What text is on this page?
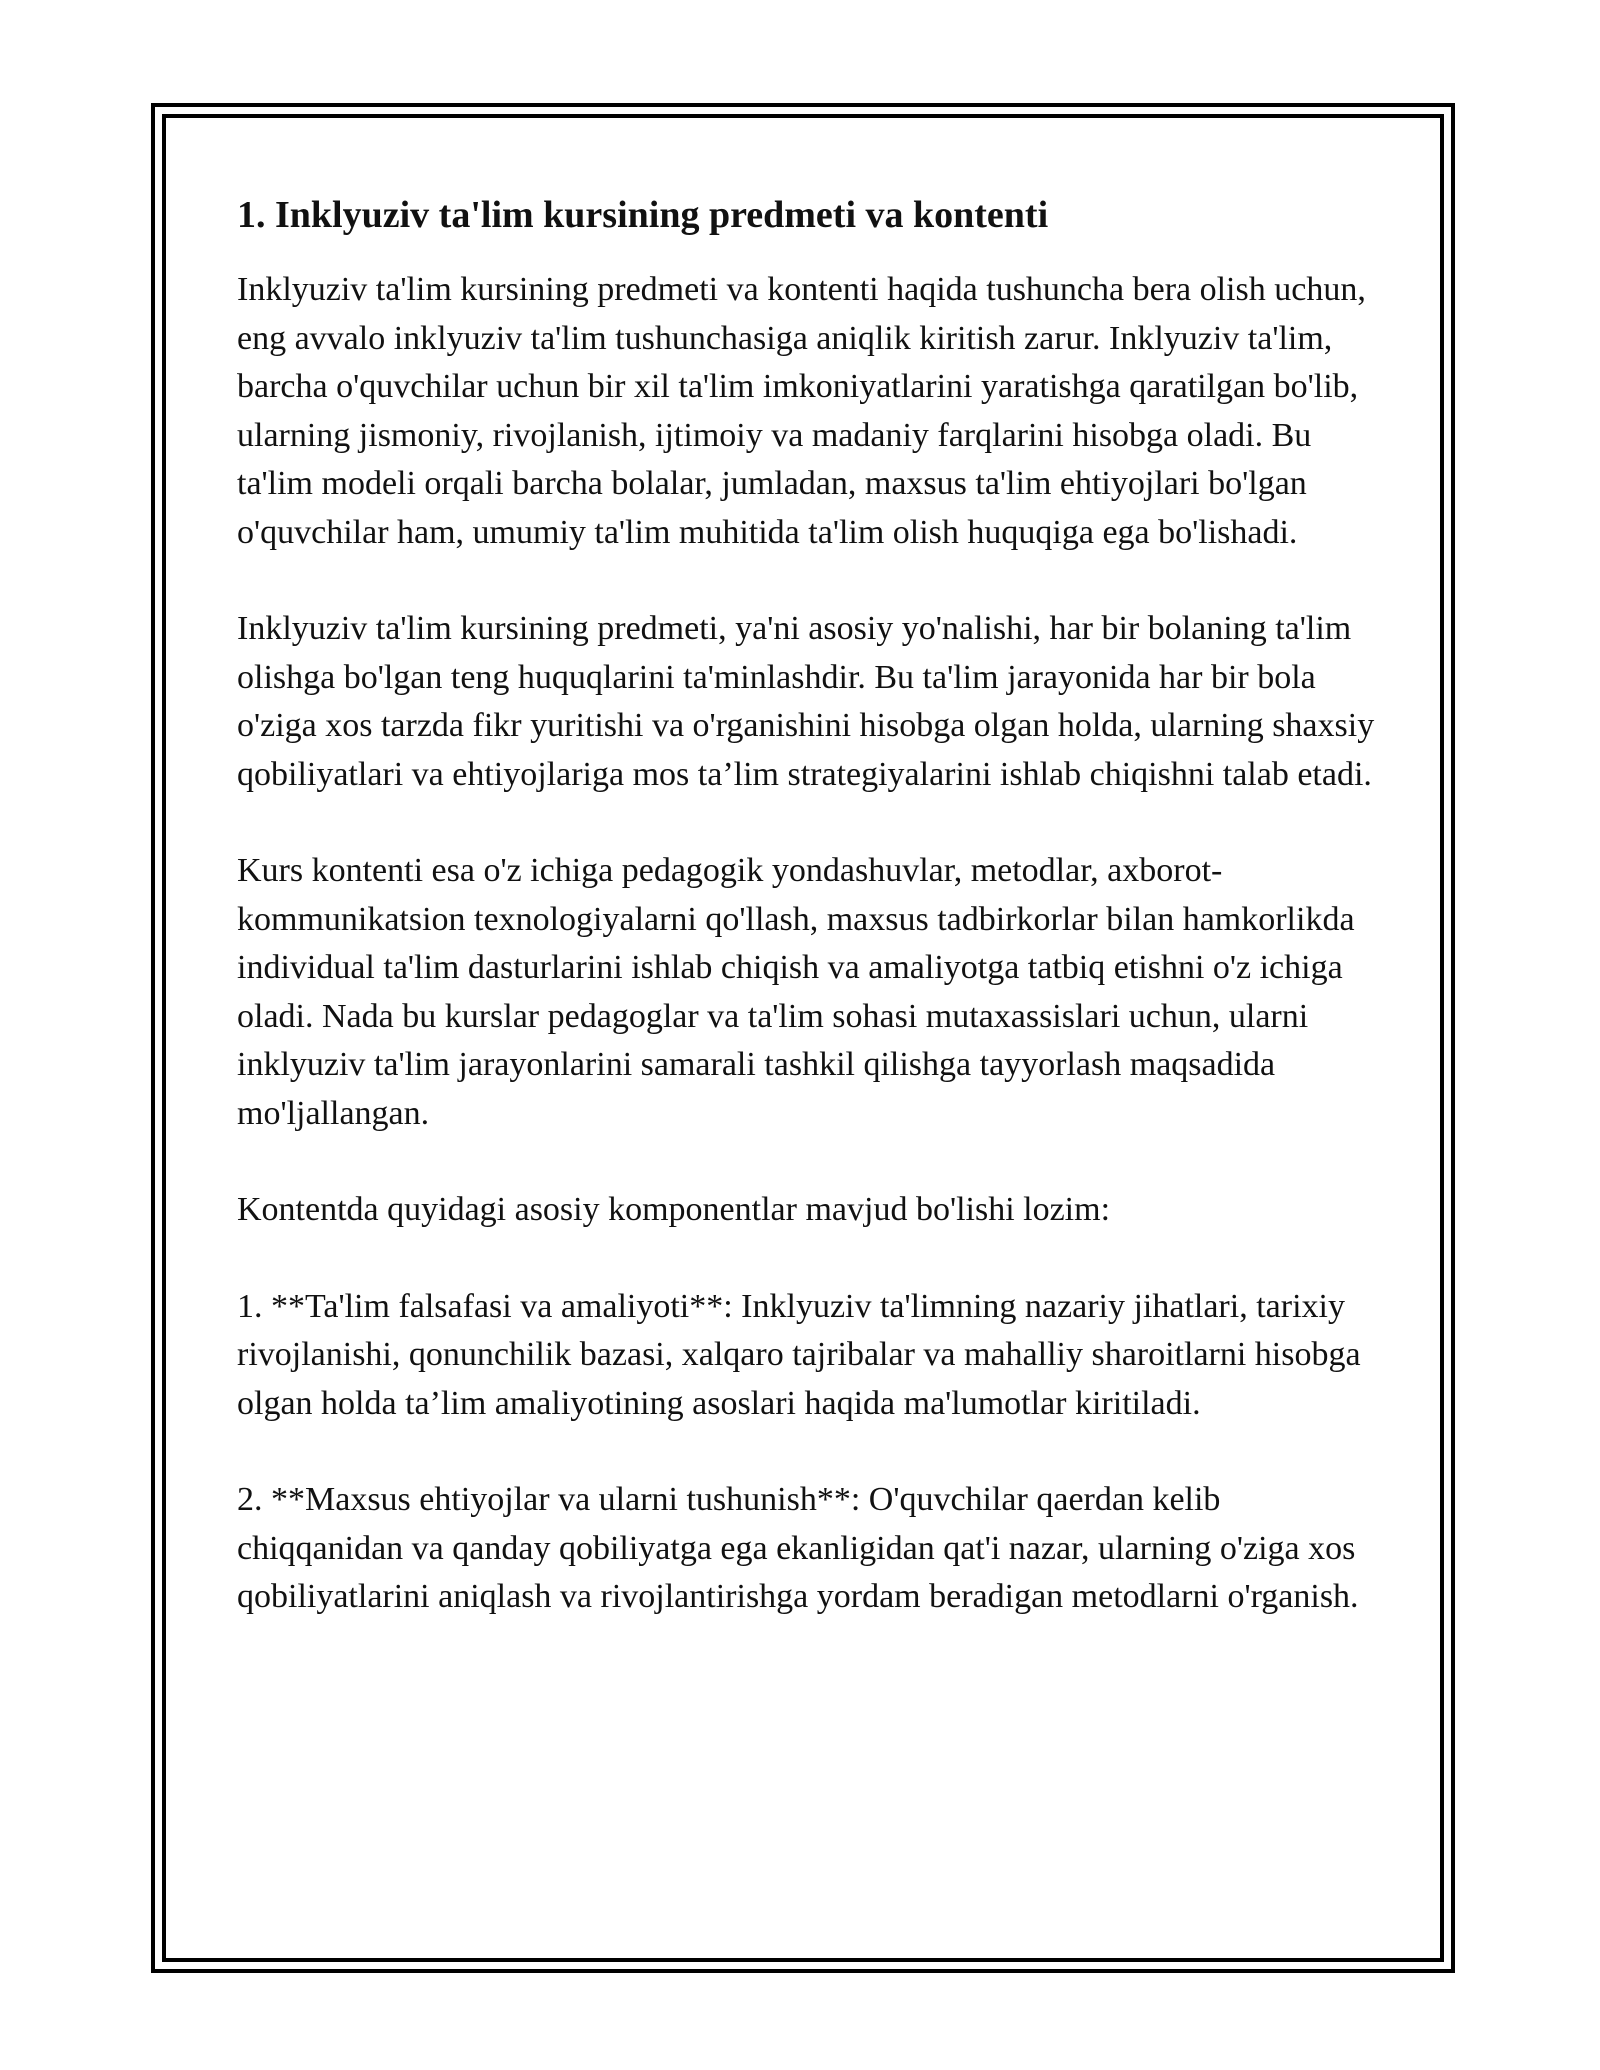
1. Inklyuziv ta'lim kursining predmeti va kontenti

Inklyuziv ta'lim kursining predmeti va kontenti haqida tushuncha bera olish uchun, eng avvalo inklyuziv ta'lim tushunchasiga aniqlik kiritish zarur. Inklyuziv ta'lim, barcha o'quvchilar uchun bir xil ta'lim imkoniyatlarini yaratishga qaratilgan bo'lib, ularning jismoniy, rivojlanish, ijtimoiy va madaniy farqlarini hisobga oladi. Bu ta'lim modeli orqali barcha bolalar, jumladan, maxsus ta'lim ehtiyojlari bo'lgan o'quvchilar ham, umumiy ta'lim muhitida ta'lim olish huquqiga ega bo'lishadi.

Inklyuziv ta'lim kursining predmeti, ya'ni asosiy yo'nalishi, har bir bolaning ta'lim olishga bo'lgan teng huquqlarini ta'minlashdir. Bu ta'lim jarayonida har bir bola o'ziga xos tarzda fikr yuritishi va o'rganishini hisobga olgan holda, ularning shaxsiy qobiliyatlari va ehtiyojlariga mos ta’lim strategiyalarini ishlab chiqishni talab etadi.

Kurs kontenti esa o'z ichiga pedagogik yondashuvlar, metodlar, axborot-kommunikatsion texnologiyalarni qo'llash, maxsus tadbirkorlar bilan hamkorlikda individual ta'lim dasturlarini ishlab chiqish va amaliyotga tatbiq etishni o'z ichiga oladi. Nada bu kurslar pedagoglar va ta'lim sohasi mutaxassislari uchun, ularni inklyuziv ta'lim jarayonlarini samarali tashkil qilishga tayyorlash maqsadida mo'ljallangan.

Kontentda quyidagi asosiy komponentlar mavjud bo'lishi lozim:

1. **Ta'lim falsafasi va amaliyoti**: Inklyuziv ta'limning nazariy jihatlari, tarixiy rivojlanishi, qonunchilik bazasi, xalqaro tajribalar va mahalliy sharoitlarni hisobga olgan holda ta’lim amaliyotining asoslari haqida ma'lumotlar kiritiladi.

2. **Maxsus ehtiyojlar va ularni tushunish**: O'quvchilar qaerdan kelib chiqqanidan va qanday qobiliyatga ega ekanligidan qat'i nazar, ularning o'ziga xos qobiliyatlarini aniqlash va rivojlantirishga yordam beradigan metodlarni o'rganish.
